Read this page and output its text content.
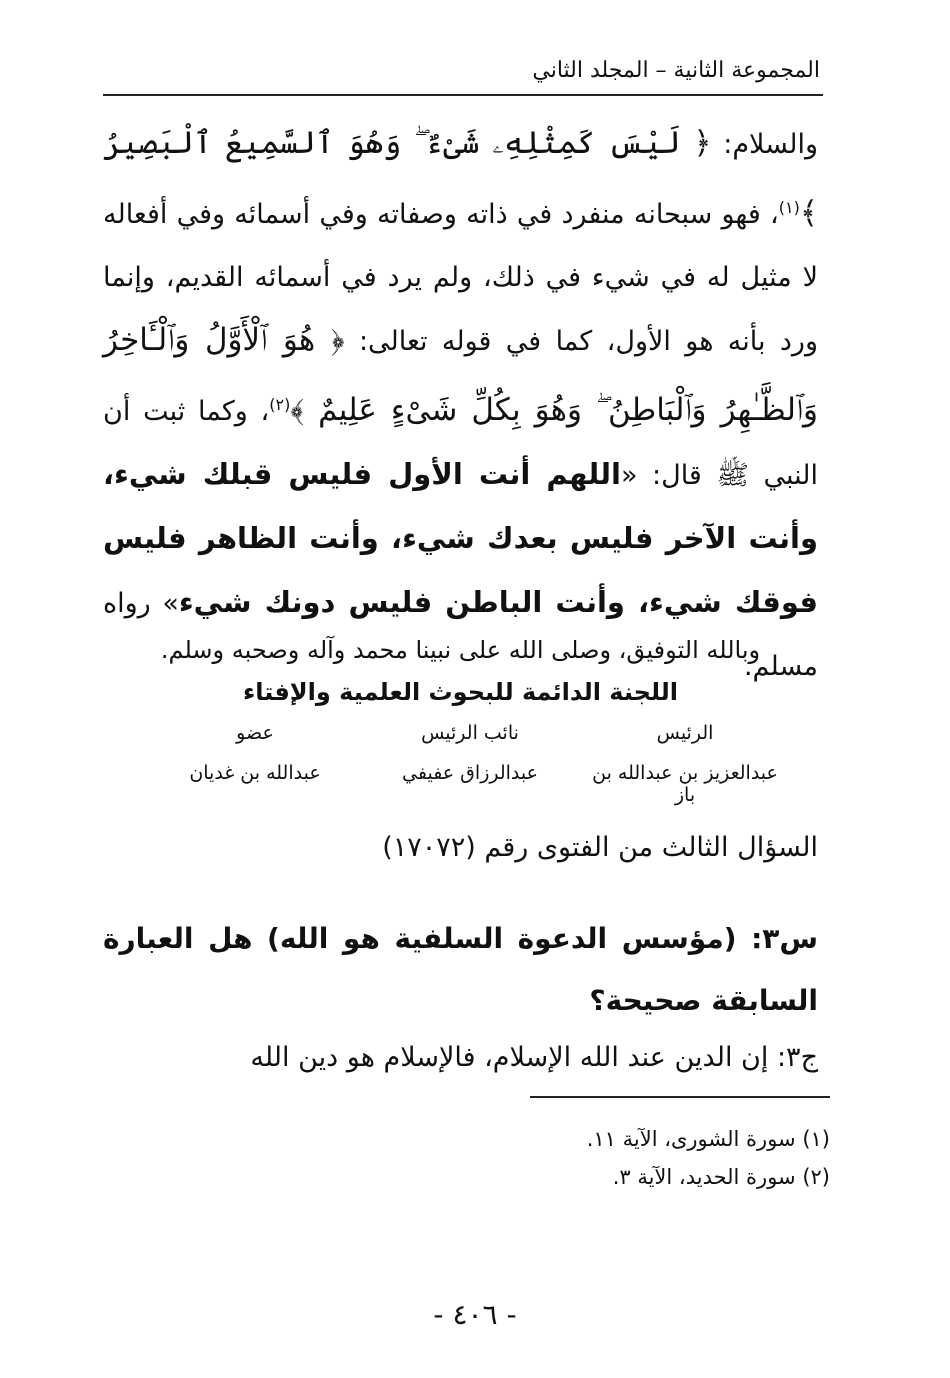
المجموعة الثانية – المجلد الثاني

والسلام: ﴿ لَيْسَ كَمِثْلِهِۦ شَىْءٌ ۖ وَهُوَ ٱلسَّمِيعُ ٱلْبَصِيرُ ﴾$^{(١)}$، فهو سبحانه منفرد في ذاته وصفاته وفي أسمائه وفي أفعاله لا مثيل له في شيء في ذلك، ولم يرد في أسمائه القديم، وإنما ورد بأنه هو الأول، كما في قوله تعالى: ﴿ هُوَ ٱلْأَوَّلُ وَٱلْـَٔاخِرُ وَٱلظَّـٰهِرُ وَٱلْبَاطِنُ ۖ وَهُوَ بِكُلِّ شَىْءٍ عَلِيمٌ ﴾$^{(٢)}$، وكما ثبت أن النبي ﷺ قال: «اللهم أنت الأول فليس قبلك شيء، وأنت الآخر فليس بعدك شيء، وأنت الظاهر فليس فوقك شيء، وأنت الباطن فليس دونك شيء» رواه مسلم.

وبالله التوفيق، وصلى الله على نبينا محمد وآله وصحبه وسلم.
اللجنة الدائمة للبحوث العلمية والإفتاء
الرئيس
نائب الرئيس
عضو
عبدالعزيز بن عبدالله بن باز
عبدالرزاق عفيفي
عبدالله بن غديان
السؤال الثالث من الفتوى رقم (١٧٠٧٢)
س٣: (مؤسس الدعوة السلفية هو الله) هل العبارة السابقة صحيحة؟
ج٣: إن الدين عند الله الإسلام، فالإسلام هو دين الله
(١) سورة الشورى، الآية ١١.
(٢) سورة الحديد، الآية ٣.
- ٤٠٦ -
